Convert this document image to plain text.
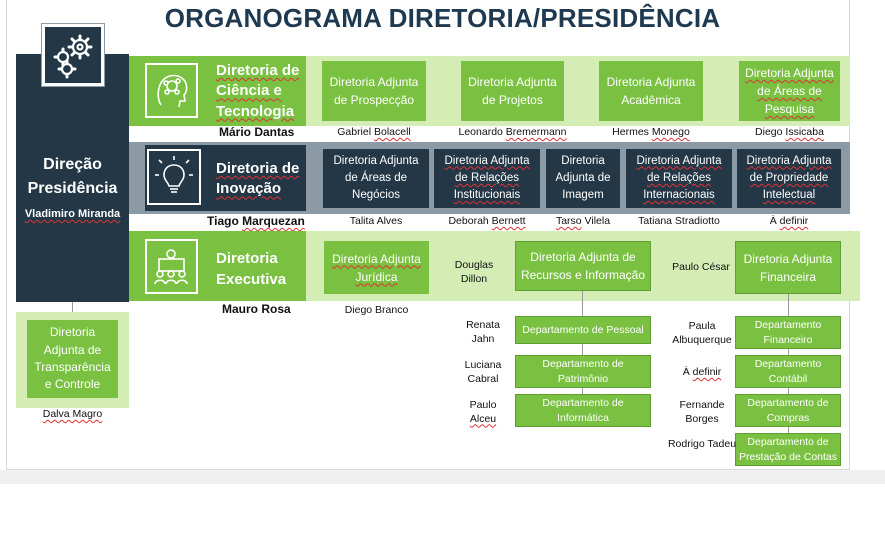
ORGANOGRAMA DIRETORIA/PRESIDÊNCIA
Direção Presidência
Vladimiro Miranda
Diretoria de Ciência e Tecnologia
Mário Dantas
Diretoria Adjunta de Prospecção
Diretoria Adjunta de Projetos
Diretoria Adjunta Acadêmica
Diretoria Adjunta de Áreas de Pesquisa
Gabriel Bolacell	Leonardo Bremermann	Hermes Monego	Diego Issicaba
Diretoria de Inovação
Tiago Marquezan
Diretoria Adjunta de Áreas de Negócios
Diretoria Adjunta de Relações Institucionais
Diretoria Adjunta de Imagem
Diretoria Adjunta de Relações Internacionais
Diretoria Adjunta de Propriedade Intelectual
Talita Alves	Deborah Bernett	Tarso Vilela	Tatiana Stradiotto	À definir
Diretoria Executiva
Mauro Rosa
Diretoria Adjunta Jurídica
Diego Branco
Douglas Dillon
Diretoria Adjunta de Recursos e Informação
Paulo César
Diretoria Adjunta Financeira
Departamento de Pessoal
Departamento de Patrimônio
Departamento de Informática
Renata Jahn
Luciana Cabral
Paulo
Alceu
Departamento Financeiro
Departamento Contábil
Departamento de Compras
Departamento de Prestação de Contas
Paula Albuquerque
À definir
Fernande Borges
Rodrigo Tadeu
Diretoria Adjunta de Transparência e Controle
Dalva Magro
